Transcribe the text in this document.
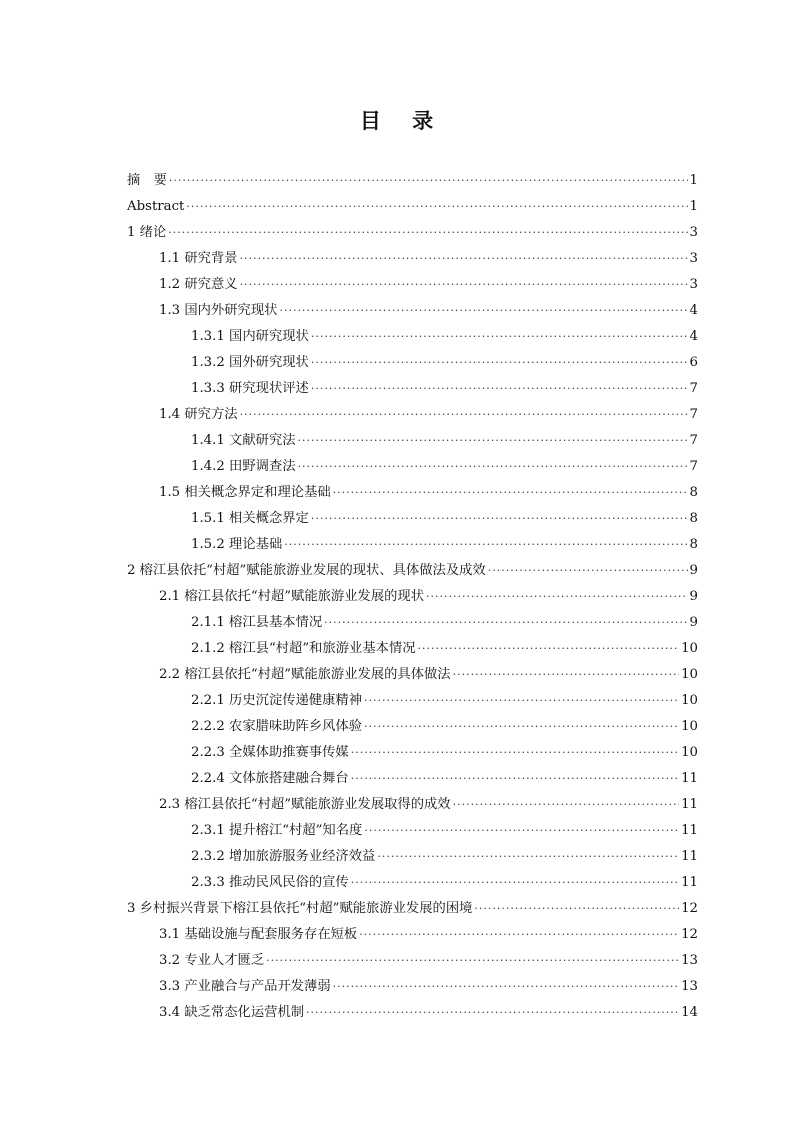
目 录
摘　要 ·····	1
Abstract ·····	1
1 绪论 ·····	3
1.1 研究背景 ·····	3
1.2 研究意义 ·····	3
1.3 国内外研究现状 ·····	4
1.3.1 国内研究现状 ·····	4
1.3.2 国外研究现状 ·····	6
1.3.3 研究现状评述 ·····	7
1.4 研究方法 ·····	7
1.4.1 文献研究法 ·····	7
1.4.2 田野调查法 ·····	7
1.5 相关概念界定和理论基础 ·····	8
1.5.1 相关概念界定 ·····	8
1.5.2 理论基础 ·····	8
2 榕江县依托“村超”赋能旅游业发展的现状、具体做法及成效 ·····	9
2.1 榕江县依托“村超”赋能旅游业发展的现状 ·····	9
2.1.1 榕江县基本情况 ·····	9
2.1.2 榕江县“村超”和旅游业基本情况 ·····	10
2.2 榕江县依托“村超”赋能旅游业发展的具体做法 ·····	10
2.2.1 历史沉淀传递健康精神 ·····	10
2.2.2 农家腊味助阵乡风体验 ·····	10
2.2.3 全媒体助推赛事传媒 ·····	10
2.2.4 文体旅搭建融合舞台 ·····	11
2.3 榕江县依托“村超”赋能旅游业发展取得的成效 ·····	11
2.3.1 提升榕江“村超”知名度 ·····	11
2.3.2 增加旅游服务业经济效益 ·····	11
2.3.3 推动民风民俗的宣传 ·····	11
3 乡村振兴背景下榕江县依托“村超”赋能旅游业发展的困境 ·····	12
3.1 基础设施与配套服务存在短板 ·····	12
3.2 专业人才匮乏 ·····	13
3.3 产业融合与产品开发薄弱 ·····	13
3.4 缺乏常态化运营机制 ·····	14
